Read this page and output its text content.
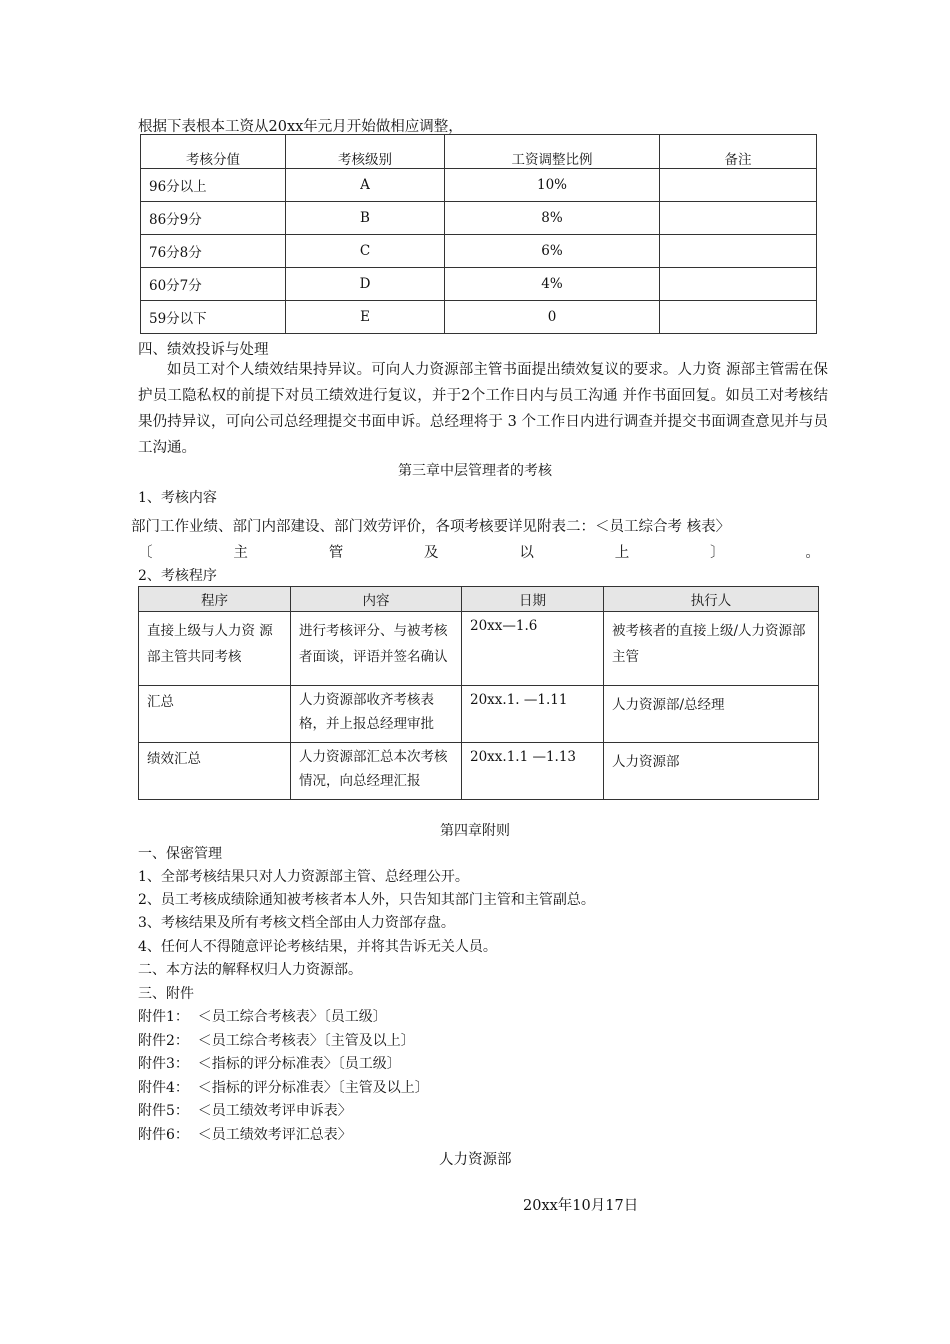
根据下表根本工资从20xx年元月开始做相应调整，
考核分值	考核级别	工资调整比例	备注
96分以上	A	10%	
86分9分	B	8%	
76分8分	C	6%	
60分7分	D	4%	
59分以下	E	0	
四、绩效投诉与处理
如员工对个人绩效结果持异议。可向人力资源部主管书面提出绩效复议的要求。人力资 源部主管需在保护员工隐私权的前提下对员工绩效进行复议，并于2个工作日内与员工沟通 并作书面回复。如员工对考核结果仍持异议，可向公司总经理提交书面申诉。总经理将于 3 个工作日内进行调查并提交书面调查意见并与员工沟通。
第三章中层管理者的考核
1、考核内容
部门工作业绩、部门内部建设、部门效劳评价，各项考核要详见附表二：＜员工综合考 核表〉
〔	主	管	及	以	上	〕	。
2、考核程序
程序	内容	日期	执行人
直接上级与人力资 源部主管共同考核	进行考核评分、与被考核者面谈，评语并签名确认	20xx—1.6	被考核者的直接上级/人力资源部主管
汇总	人力资源部收齐考核表格，并上报总经理审批	20xx.1. —1.11	人力资源部/总经理
绩效汇总	人力资源部汇总本次考核情况，向总经理汇报	20xx.1.1 —1.13	人力资源部
第四章附则
一、保密管理
1、全部考核结果只对人力资源部主管、总经理公开。
2、员工考核成绩除通知被考核者本人外，只告知其部门主管和主管副总。
3、考核结果及所有考核文档全部由人力资部存盘。
4、任何人不得随意评论考核结果，并将其告诉无关人员。
二、本方法的解释权归人力资源部。
三、附件
附件1：  ＜员工综合考核表〉〔员工级〕
附件2：  ＜员工综合考核表〉〔主管及以上〕
附件3：  ＜指标的评分标准表〉〔员工级〕
附件4：  ＜指标的评分标准表〉〔主管及以上〕
附件5：  ＜员工绩效考评申诉表〉
附件6：  ＜员工绩效考评汇总表〉
人力资源部
20xx年10月17日
